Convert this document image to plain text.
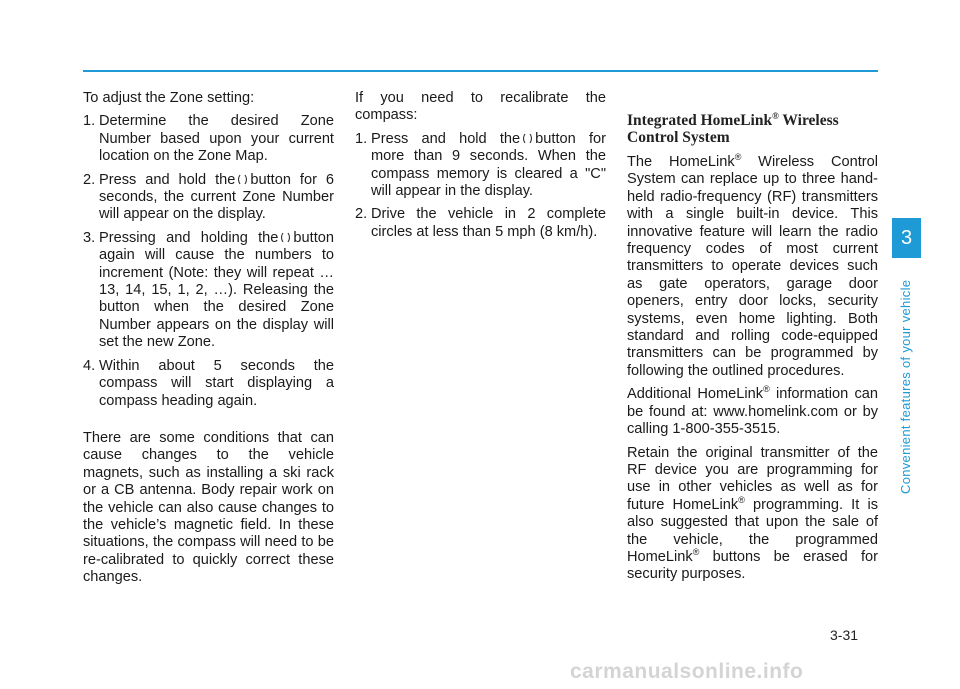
To adjust the Zone setting:

1. Determine the desired Zone Number based upon your current location on the Zone Map.
2. Press and hold the button for 6 seconds, the current Zone Number will appear on the display.
3. Pressing and holding the button again will cause the numbers to increment (Note: they will repeat …13, 14, 15, 1, 2, …). Releasing the button when the desired Zone Number appears on the display will set the new Zone.
4. Within about 5 seconds the compass will start displaying a compass heading again.

There are some conditions that can cause changes to the vehicle magnets, such as installing a ski rack or a CB antenna. Body repair work on the vehicle can also cause changes to the vehicle’s magnetic field. In these situations, the compass will need to be re-calibrated to quickly correct these changes.

If you need to recalibrate the compass:

1. Press and hold the button for more than 9 seconds. When the compass memory is cleared a "C" will appear in the display.
2. Drive the vehicle in 2 complete circles at less than 5 mph (8 km/h).
Integrated HomeLink® Wireless Control System

The HomeLink® Wireless Control System can replace up to three hand-held radio-frequency (RF) transmitters with a single built-in device. This innovative feature will learn the radio frequency codes of most current transmitters to operate devices such as gate operators, garage door openers, entry door locks, security systems, even home lighting. Both standard and rolling code-equipped transmitters can be programmed by following the outlined procedures.

Additional HomeLink® information can be found at: www.homelink.com or by calling 1-800-355-3515.

Retain the original transmitter of the RF device you are programming for use in other vehicles as well as for future HomeLink® programming. It is also suggested that upon the sale of the vehicle, the programmed HomeLink® buttons be erased for security purposes.

3
Convenient features of your vehicle
3-31
carmanualsonline.info
